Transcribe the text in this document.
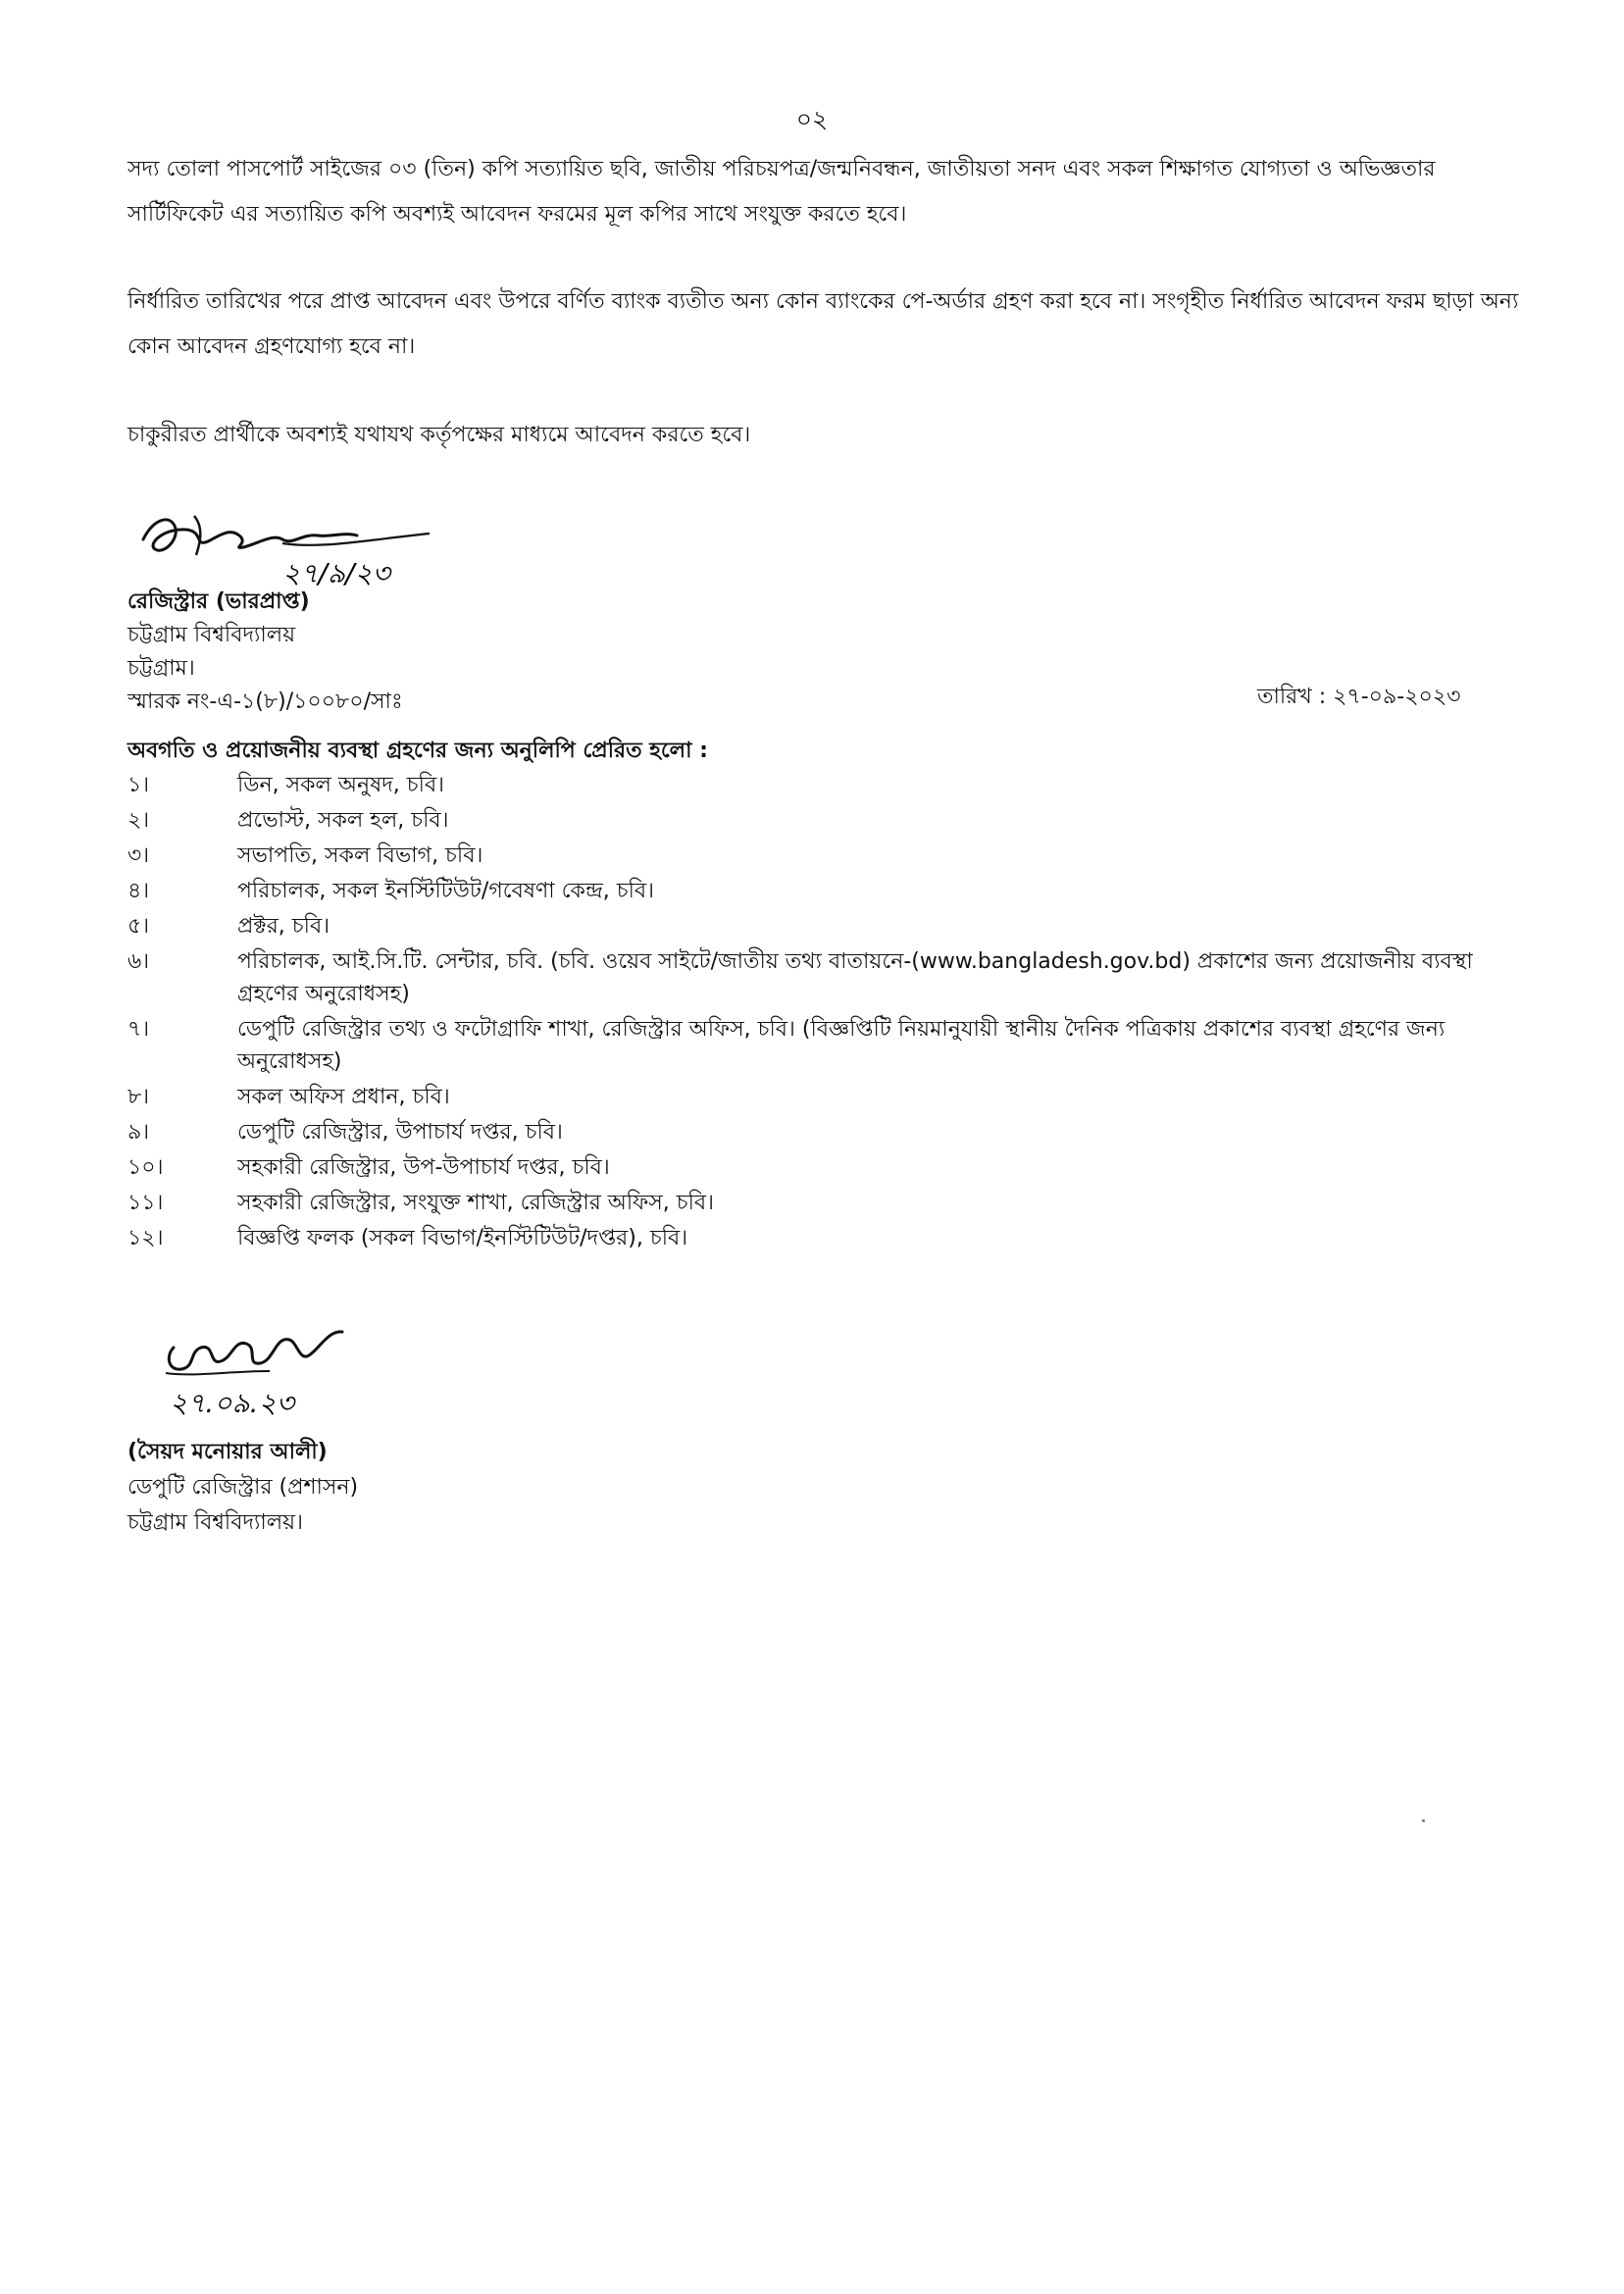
০২
সদ্য তোলা পাসপোর্ট সাইজের ০৩ (তিন) কপি সত্যায়িত ছবি, জাতীয় পরিচয়পত্র/জন্মনিবন্ধন, জাতীয়তা সনদ এবং সকল শিক্ষাগত যোগ্যতা ও অভিজ্ঞতার সার্টিফিকেট এর সত্যায়িত কপি অবশ্যই আবেদন ফরমের মূল কপির সাথে সংযুক্ত করতে হবে।
নির্ধারিত তারিখের পরে প্রাপ্ত আবেদন এবং উপরে বর্ণিত ব্যাংক ব্যতীত অন্য কোন ব্যাংকের পে-অর্ডার গ্রহণ করা হবে না। সংগৃহীত নির্ধারিত আবেদন ফরম ছাড়া অন্য কোন আবেদন গ্রহণযোগ্য হবে না।
চাকুরীরত প্রার্থীকে অবশ্যই যথাযথ কর্তৃপক্ষের মাধ্যমে আবেদন করতে হবে।
২৭/৯/২৩
রেজিস্ট্রার (ভারপ্রাপ্ত)
চট্টগ্রাম বিশ্ববিদ্যালয়
চট্টগ্রাম।
স্মারক নং-এ-১(৮)/১০০৮০/সাঃ	তারিখ : ২৭-০৯-২০২৩
অবগতি ও প্রয়োজনীয় ব্যবস্থা গ্রহণের জন্য অনুলিপি প্রেরিত হলো :
১।	ডিন, সকল অনুষদ, চবি।
২।	প্রভোস্ট, সকল হল, চবি।
৩।	সভাপতি, সকল বিভাগ, চবি।
৪।	পরিচালক, সকল ইনস্টিটিউট/গবেষণা কেন্দ্র, চবি।
৫।	প্রক্টর, চবি।
৬।	পরিচালক, আই.সি.টি. সেন্টার, চবি. (চবি. ওয়েব সাইটে/জাতীয় তথ্য বাতায়নে-(www.bangladesh.gov.bd) প্রকাশের জন্য প্রয়োজনীয় ব্যবস্থা গ্রহণের অনুরোধসহ)
৭।	ডেপুটি রেজিস্ট্রার তথ্য ও ফটোগ্রাফি শাখা, রেজিস্ট্রার অফিস, চবি। (বিজ্ঞপ্তিটি নিয়মানুযায়ী স্থানীয় দৈনিক পত্রিকায় প্রকাশের ব্যবস্থা গ্রহণের জন্য অনুরোধসহ)
৮।	সকল অফিস প্রধান, চবি।
৯।	ডেপুটি রেজিস্ট্রার, উপাচার্য দপ্তর, চবি।
১০।	সহকারী রেজিস্ট্রার, উপ-উপাচার্য দপ্তর, চবি।
১১।	সহকারী রেজিস্ট্রার, সংযুক্ত শাখা, রেজিস্ট্রার অফিস, চবি।
১২।	বিজ্ঞপ্তি ফলক (সকল বিভাগ/ইনস্টিটিউট/দপ্তর), চবি।
২৭.০৯.২৩
(সৈয়দ মনোয়ার আলী)
ডেপুটি রেজিস্ট্রার (প্রশাসন)
চট্টগ্রাম বিশ্ববিদ্যালয়।
